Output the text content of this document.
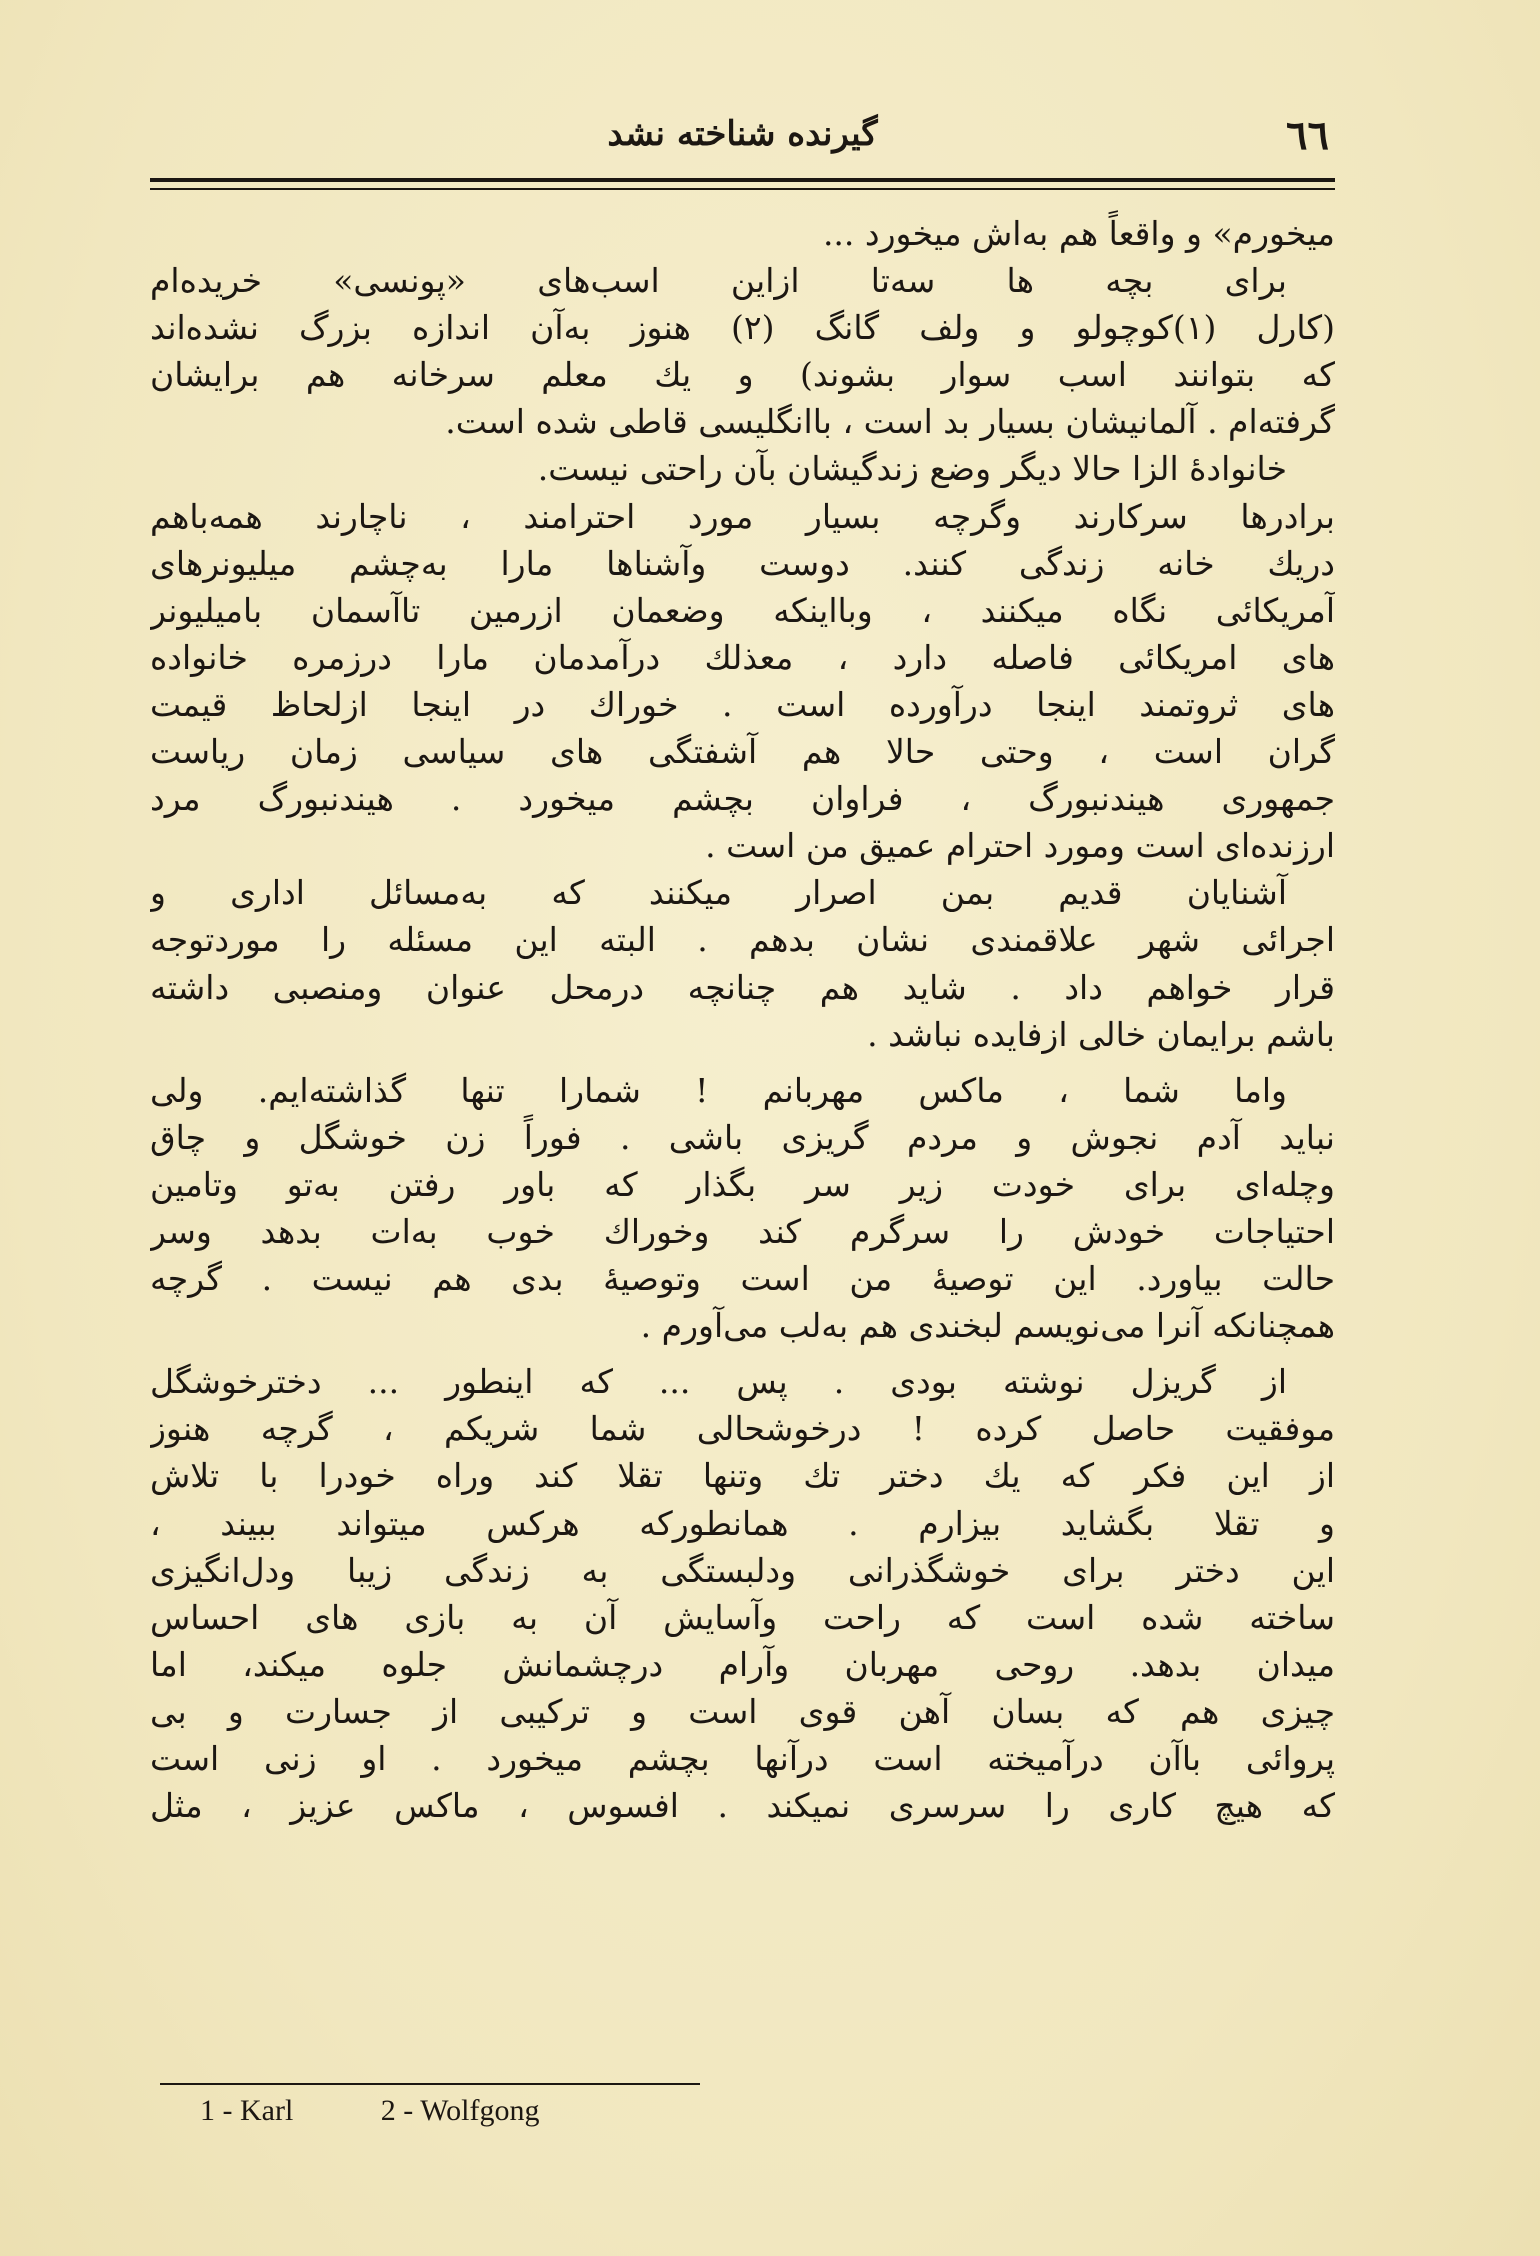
٦٦
گیرنده شناخته نشد
میخورم» و واقعاً هم به‌اش میخورد ...
برای بچه ها سه‌تا ازاین اسب‌های «پونسی» خریده‌ام
(کارل (۱)کوچولو و ولف گانگ (۲) هنوز به‌آن اندازه بزرگ نشده‌اند
که بتوانند اسب سوار بشوند) و یك معلم سرخانه هم برایشان
گرفته‌ام . آلمانیشان بسیار بد است ، باانگلیسی قاطی شده است.
خانوادهٔ الزا حالا دیگر وضع زندگیشان بآن راحتی نیست.
برادرها سرکارند وگرچه بسیار مورد احترامند ، ناچارند همه‌باهم
دریك خانه زندگی کنند. دوست وآشناها مارا به‌چشم میلیونرهای
آمریکائی نگاه میکنند ، وبااینکه وضعمان ازرمین تاآسمان بامیلیونر
های امریکائی فاصله دارد ، معذلك درآمدمان مارا درزمره خانواده
های ثروتمند اینجا درآورده است . خوراك در اینجا ازلحاظ قیمت
گران است ، وحتی حالا هم آشفتگی های سیاسی زمان ریاست
جمهوری هیندنبورگ ، فراوان بچشم میخورد . هیندنبورگ مرد
ارزنده‌ای است ومورد احترام عمیق من است .
آشنایان قدیم بمن اصرار میکنند که به‌مسائل اداری و
اجرائی شهر علاقمندی نشان بدهم . البته این مسئله را موردتوجه
قرار خواهم داد . شاید هم چنانچه درمحل عنوان ومنصبی داشته
باشم برایمان خالی ازفایده نباشد .
واما شما ، ماکس مهربانم ! شمارا تنها گذاشته‌ایم. ولی
نباید آدم نجوش و مردم گریزی باشی . فوراً زن خوشگل و چاق
وچله‌ای برای خودت زیر سر بگذار که باور رفتن به‌تو وتامین
احتیاجات خودش را سرگرم کند وخوراك خوب به‌ات بدهد وسر
حالت بیاورد. این توصیهٔ من است وتوصیهٔ بدی هم نیست . گرچه
همچنانکه آنرا می‌نویسم لبخندی هم به‌لب می‌آورم .
از گریزل نوشته بودی . پس ... که اینطور ... دخترخوشگل
موفقیت حاصل کرده ! درخوشحالی شما شریکم ، گرچه هنوز
از این فکر که یك دختر تك وتنها تقلا کند وراه خودرا با تلاش
و تقلا بگشاید بیزارم . همانطورکه هرکس میتواند ببیند ،
این دختر برای خوشگذرانی ودلبستگی به زندگی زیبا ودل‌انگیزی
ساخته شده است که راحت وآسایش آن به بازی های احساس
میدان بدهد. روحی مهربان وآرام درچشمانش جلوه میکند، اما
چیزی هم که بسان آهن قوی است و ترکیبی از جسارت و بی
پروائی باآن درآمیخته است درآنها بچشم میخورد . او زنی است
که هیچ کاری را سرسری نمیکند . افسوس ، ماکس عزیز ، مثل
1 - Karl	2 - Wolfgong
